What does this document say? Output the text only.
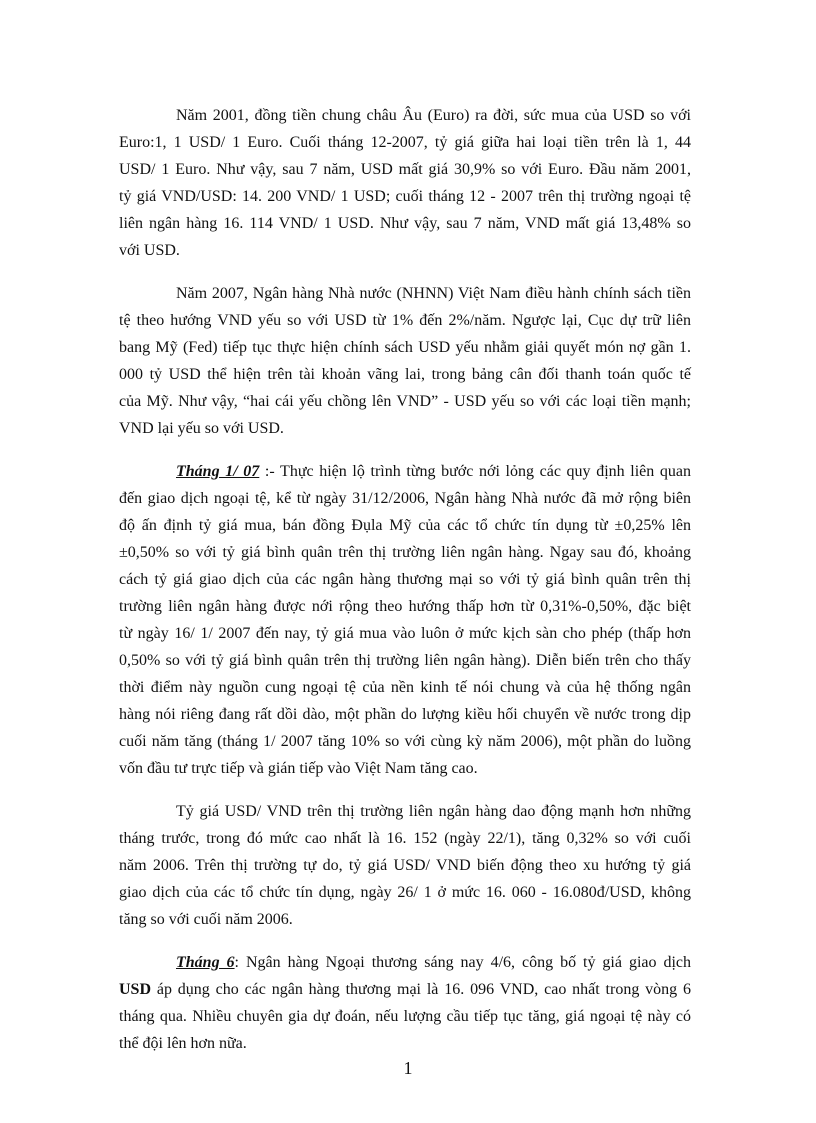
Năm 2001, đồng tiền chung châu Âu (Euro) ra đời, sức mua của USD so với
Euro:1, 1 USD/ 1 Euro. Cuối tháng 12-2007, tỷ giá giữa hai loại tiền trên là 1, 44
USD/ 1 Euro. Như vậy, sau 7 năm, USD mất giá 30,9% so với Euro. Đầu năm 2001,
tỷ giá VND/USD: 14. 200 VND/ 1 USD; cuối tháng 12 - 2007 trên thị trường ngoại tệ
liên ngân hàng 16. 114 VND/ 1 USD. Như vậy, sau 7 năm, VND mất giá 13,48% so
với USD.
Năm 2007, Ngân hàng Nhà nước (NHNN) Việt Nam điều hành chính sách tiền
tệ theo hướng VND yếu so với USD từ 1% đến 2%/năm. Ngược lại, Cục dự trữ liên
bang Mỹ (Fed) tiếp tục thực hiện chính sách USD yếu nhằm giải quyết món nợ gần 1.
000 tỷ USD thể hiện trên tài khoản vãng lai, trong bảng cân đối thanh toán quốc tế
của Mỹ. Như vậy, “hai cái yếu chồng lên VND” - USD yếu so với các loại tiền mạnh;
VND lại yếu so với USD.
Tháng 1/ 07 :- Thực hiện lộ trình từng bước nới lỏng các quy định liên quan
đến giao dịch ngoại tệ, kể từ ngày 31/12/2006, Ngân hàng Nhà nước đã mở rộng biên
độ ấn định tỷ giá mua, bán đồng Đụla Mỹ của các tổ chức tín dụng từ ±0,25% lên
±0,50% so với tỷ giá bình quân trên thị trường liên ngân hàng. Ngay sau đó, khoảng
cách tỷ giá giao dịch của các ngân hàng thương mại so với tỷ giá bình quân trên thị
trường liên ngân hàng được nới rộng theo hướng thấp hơn từ 0,31%-0,50%, đặc biệt
từ ngày 16/ 1/ 2007 đến nay, tỷ giá mua vào luôn ở mức kịch sàn cho phép (thấp hơn
0,50% so với tỷ giá bình quân trên thị trường liên ngân hàng). Diễn biến trên cho thấy
thời điểm này nguồn cung ngoại tệ của nền kinh tế nói chung và của hệ thống ngân
hàng nói riêng đang rất dồi dào, một phần do lượng kiều hối chuyển về nước trong dịp
cuối năm tăng (tháng 1/ 2007 tăng 10% so với cùng kỳ năm 2006), một phần do luồng
vốn đầu tư trực tiếp và gián tiếp vào Việt Nam tăng cao.
Tỷ giá USD/ VND trên thị trường liên ngân hàng dao động mạnh hơn những
tháng trước, trong đó mức cao nhất là 16. 152 (ngày 22/1), tăng 0,32% so với cuối
năm 2006. Trên thị trường tự do, tỷ giá USD/ VND biến động theo xu hướng tỷ giá
giao dịch của các tổ chức tín dụng, ngày 26/ 1 ở mức 16. 060 - 16.080đ/USD, không
tăng so với cuối năm 2006.
Tháng 6: Ngân hàng Ngoại thương sáng nay 4/6, công bố tỷ giá giao dịch
USD áp dụng cho các ngân hàng thương mại là 16. 096 VND, cao nhất trong vòng 6
tháng qua. Nhiều chuyên gia dự đoán, nếu lượng cầu tiếp tục tăng, giá ngoại tệ này có
thể đội lên hơn nữa.
1
